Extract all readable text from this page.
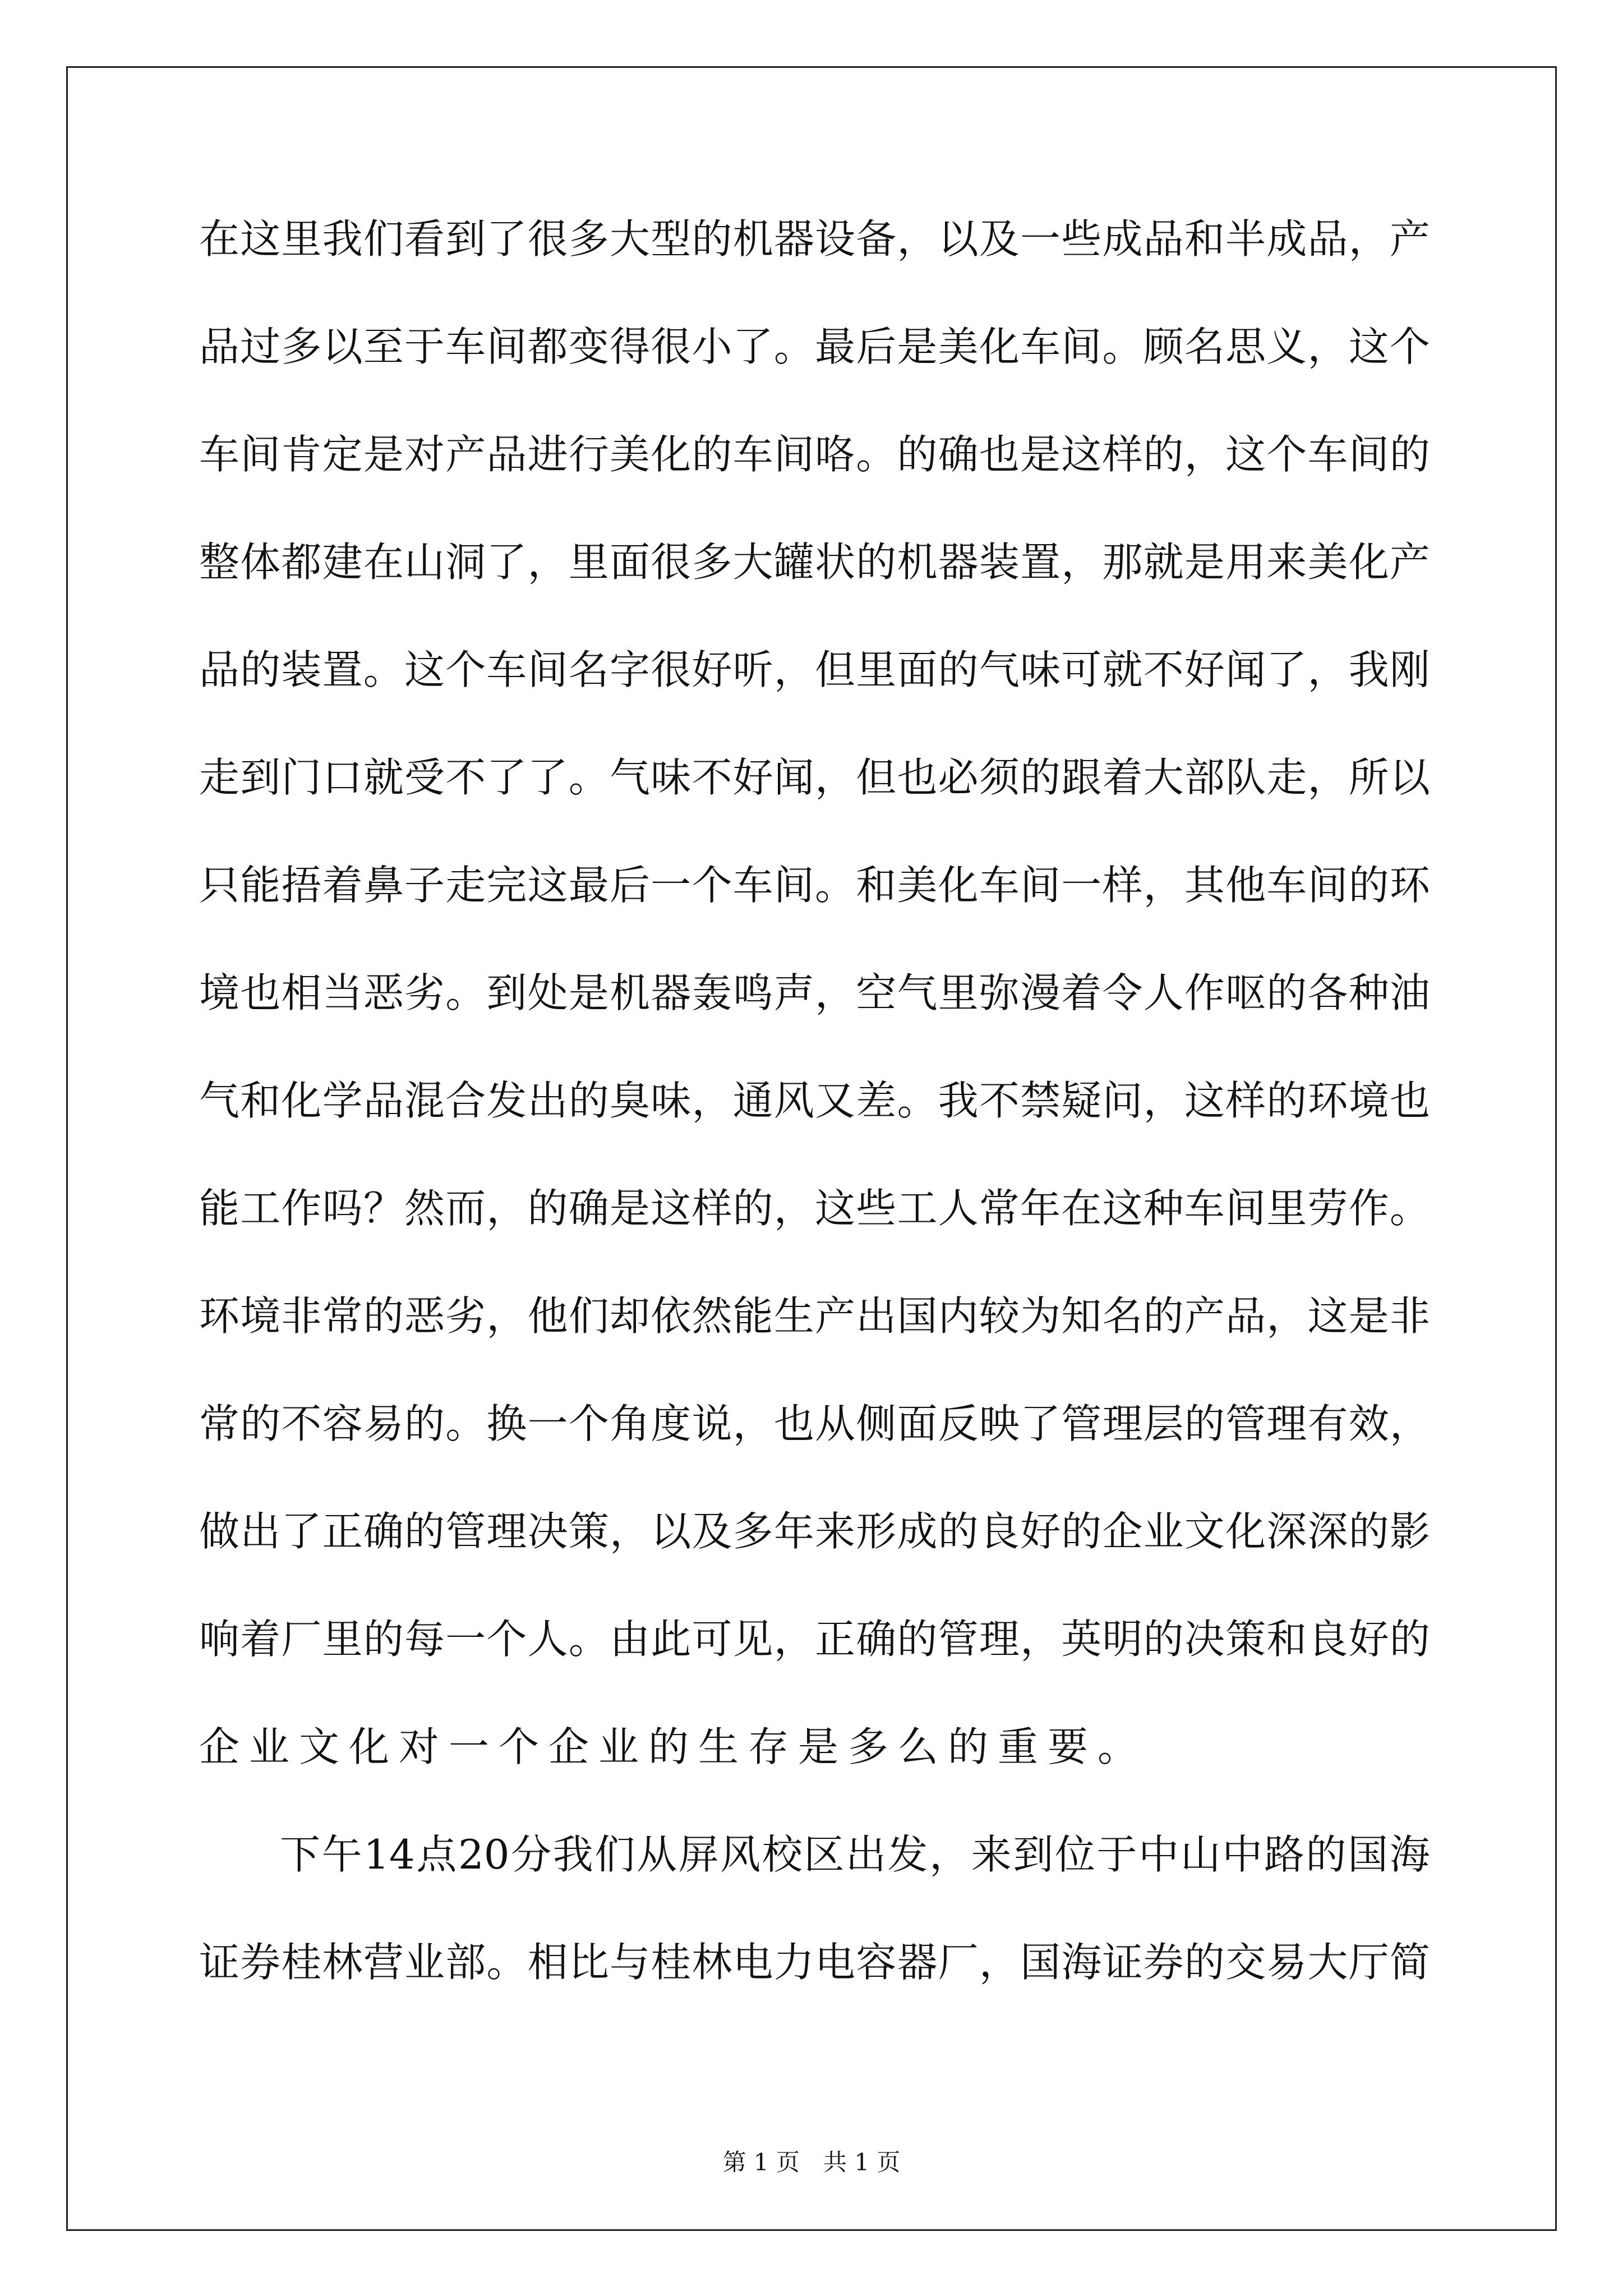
在 这 里 我 们 看 到 了 很 多 大 型 的 机 器 设 备 ， 以 及 一 些 成 品 和 半 成 品 ， 产
品 过 多 以 至 于 车 间 都 变 得 很 小 了 。 最 后 是 美 化 车 间 。 顾 名 思 义 ， 这 个
车 间 肯 定 是 对 产 品 进 行 美 化 的 车 间 咯 。 的 确 也 是 这 样 的 ， 这 个 车 间 的
整 体 都 建 在 山 洞 了 ， 里 面 很 多 大 罐 状 的 机 器 装 置 ， 那 就 是 用 来 美 化 产
品 的 装 置 。 这 个 车 间 名 字 很 好 听 ， 但 里 面 的 气 味 可 就 不 好 闻 了 ， 我 刚
走 到 门 口 就 受 不 了 了 。 气 味 不 好 闻 ， 但 也 必 须 的 跟 着 大 部 队 走 ， 所 以
只 能 捂 着 鼻 子 走 完 这 最 后 一 个 车 间 。 和 美 化 车 间 一 样 ， 其 他 车 间 的 环
境 也 相 当 恶 劣 。 到 处 是 机 器 轰 鸣 声 ， 空 气 里 弥 漫 着 令 人 作 呕 的 各 种 油
气 和 化 学 品 混 合 发 出 的 臭 味 ， 通 风 又 差 。 我 不 禁 疑 问 ， 这 样 的 环 境 也
能 工 作 吗 ？ 然 而 ， 的 确 是 这 样 的 ， 这 些 工 人 常 年 在 这 种 车 间 里 劳 作 。
环 境 非 常 的 恶 劣 ， 他 们 却 依 然 能 生 产 出 国 内 较 为 知 名 的 产 品 ， 这 是 非
常 的 不 容 易 的 。 换 一 个 角 度 说 ， 也 从 侧 面 反 映 了 管 理 层 的 管 理 有 效 ，
做 出 了 正 确 的 管 理 决 策 ， 以 及 多 年 来 形 成 的 良 好 的 企 业 文 化 深 深 的 影
响 着 厂 里 的 每 一 个 人 。 由 此 可 见 ， 正 确 的 管 理 ， 英 明 的 决 策 和 良 好 的
企业文化对一个企业的生存是多么的重要。
下 午 14 点 20 分 我 们 从 屏 风 校 区 出 发 ， 来 到 位 于 中 山 中 路 的 国 海
证 券 桂 林 营 业 部 。 相 比 与 桂 林 电 力 电 容 器 厂 ， 国 海 证 券 的 交 易 大 厅 简
第 1 页　共 1 页
